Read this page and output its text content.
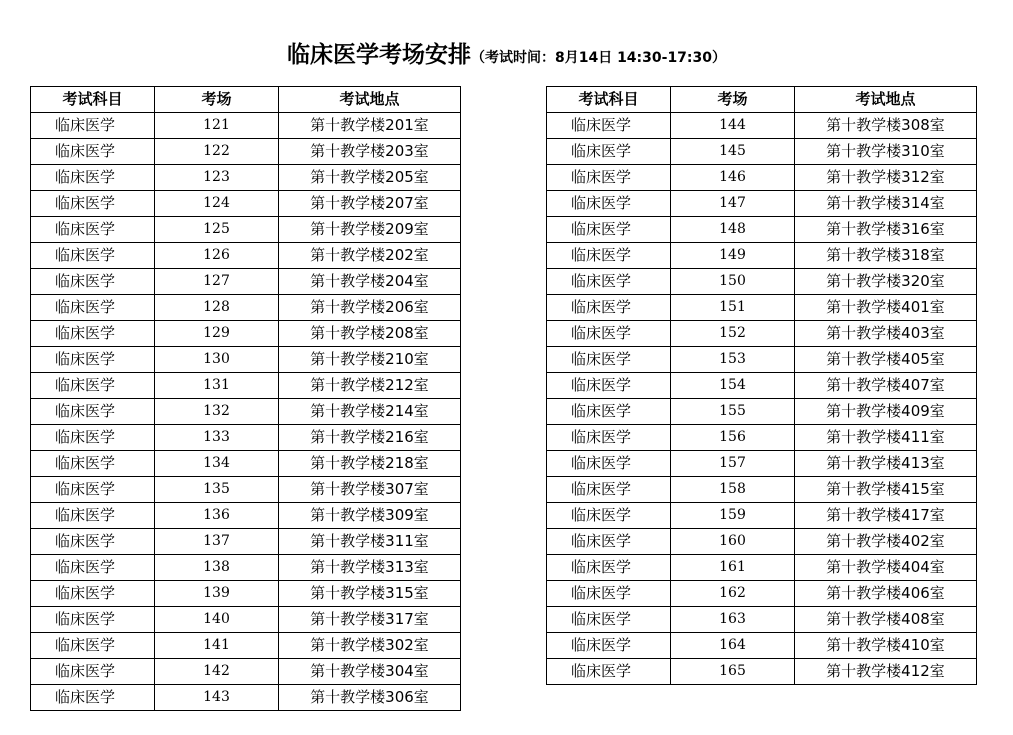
临床医学考场安排（考试时间：8月14日 14:30-17:30）
考试科目	考场	考试地点
临床医学	121	第十教学楼201室
临床医学	122	第十教学楼203室
临床医学	123	第十教学楼205室
临床医学	124	第十教学楼207室
临床医学	125	第十教学楼209室
临床医学	126	第十教学楼202室
临床医学	127	第十教学楼204室
临床医学	128	第十教学楼206室
临床医学	129	第十教学楼208室
临床医学	130	第十教学楼210室
临床医学	131	第十教学楼212室
临床医学	132	第十教学楼214室
临床医学	133	第十教学楼216室
临床医学	134	第十教学楼218室
临床医学	135	第十教学楼307室
临床医学	136	第十教学楼309室
临床医学	137	第十教学楼311室
临床医学	138	第十教学楼313室
临床医学	139	第十教学楼315室
临床医学	140	第十教学楼317室
临床医学	141	第十教学楼302室
临床医学	142	第十教学楼304室
临床医学	143	第十教学楼306室
考试科目	考场	考试地点
临床医学	144	第十教学楼308室
临床医学	145	第十教学楼310室
临床医学	146	第十教学楼312室
临床医学	147	第十教学楼314室
临床医学	148	第十教学楼316室
临床医学	149	第十教学楼318室
临床医学	150	第十教学楼320室
临床医学	151	第十教学楼401室
临床医学	152	第十教学楼403室
临床医学	153	第十教学楼405室
临床医学	154	第十教学楼407室
临床医学	155	第十教学楼409室
临床医学	156	第十教学楼411室
临床医学	157	第十教学楼413室
临床医学	158	第十教学楼415室
临床医学	159	第十教学楼417室
临床医学	160	第十教学楼402室
临床医学	161	第十教学楼404室
临床医学	162	第十教学楼406室
临床医学	163	第十教学楼408室
临床医学	164	第十教学楼410室
临床医学	165	第十教学楼412室
